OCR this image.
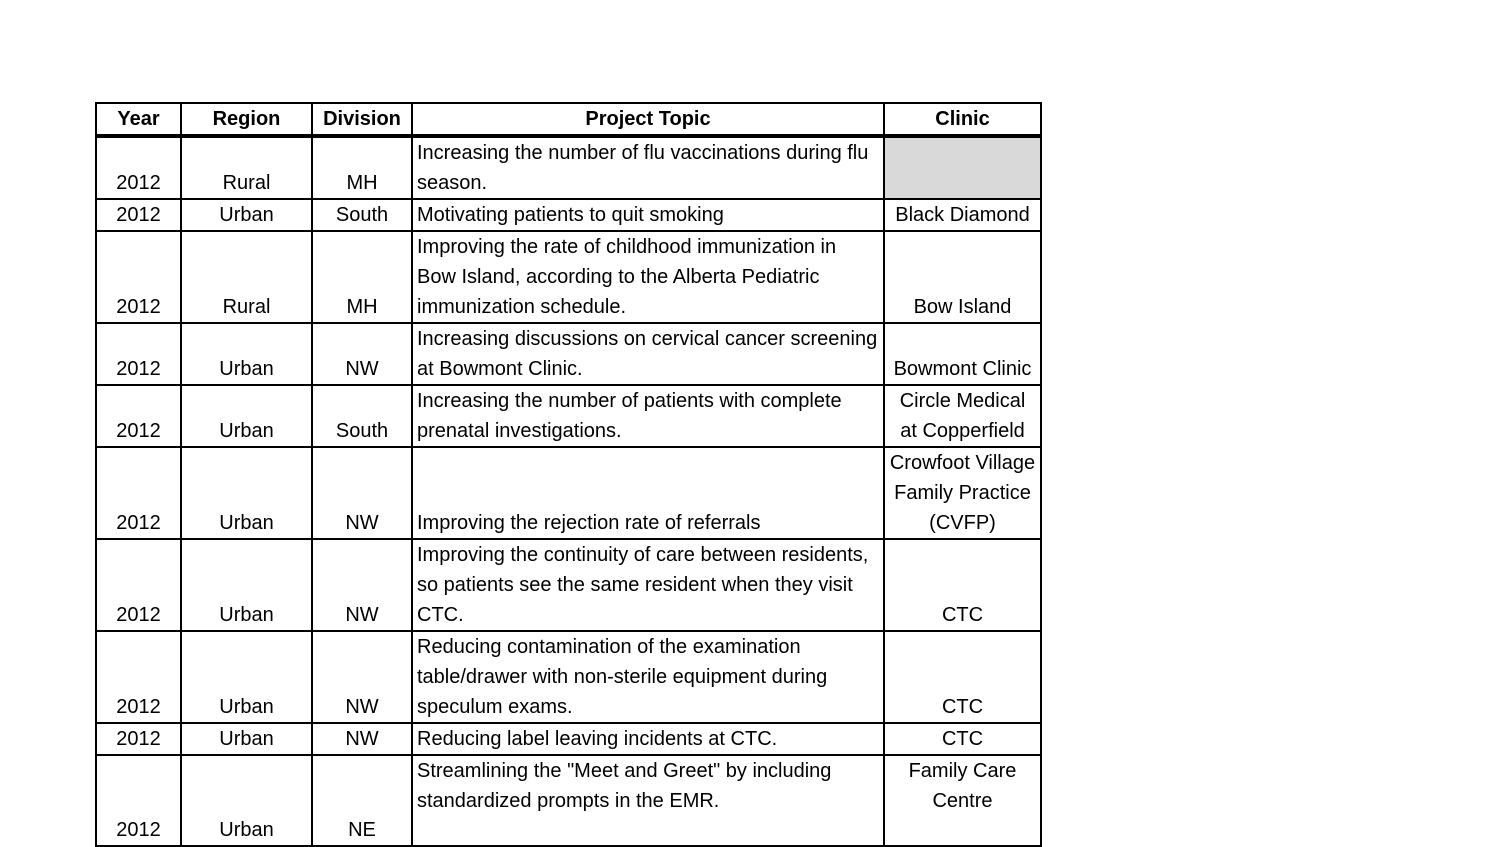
Year	Region	Division	Project Topic	Clinic
2012	Rural	MH	Increasing the number of flu vaccinations during flu season.	
2012	Urban	South	Motivating patients to quit smoking	Black Diamond
2012	Rural	MH	Improving the rate of childhood immunization in Bow Island, according to the Alberta Pediatric immunization schedule.	Bow Island
2012	Urban	NW	Increasing discussions on cervical cancer screening at Bowmont Clinic.	Bowmont Clinic
2012	Urban	South	Increasing the number of patients with complete prenatal investigations.	Circle Medical at Copperfield
2012	Urban	NW	Improving the rejection rate of referrals	Crowfoot Village Family Practice (CVFP)
2012	Urban	NW	Improving the continuity of care between residents, so patients see the same resident when they visit CTC.	CTC
2012	Urban	NW	Reducing contamination of the examination table/drawer with non-sterile equipment during speculum exams.	CTC
2012	Urban	NW	Reducing label leaving incidents at CTC.	CTC
2012	Urban	NE	Streamlining the "Meet and Greet" by including standardized prompts in the EMR.	Family Care Centre
